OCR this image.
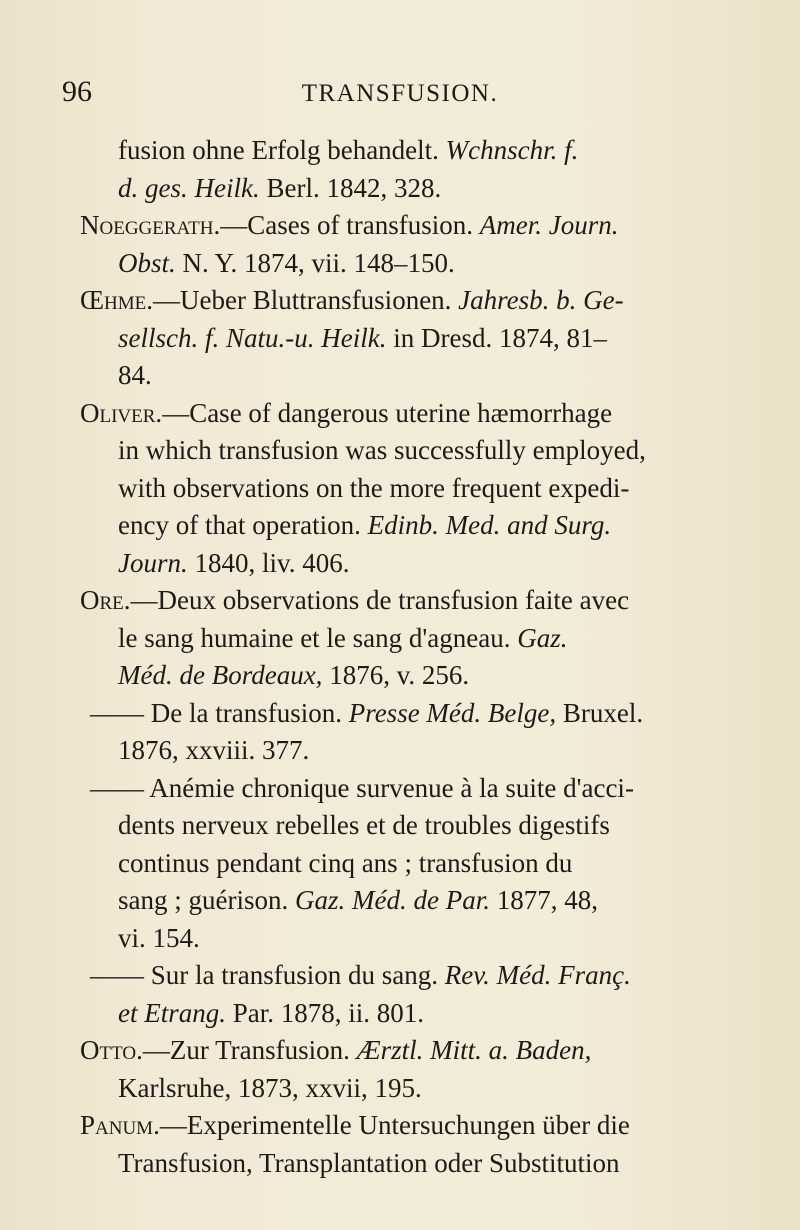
96	TRANSFUSION.
fusion ohne Erfolg behandelt. Wchnschr. f.
d. ges. Heilk. Berl. 1842, 328.
Noeggerath.—Cases of transfusion. Amer. Journ.
Obst. N. Y. 1874, vii. 148–150.
Œhme.—Ueber Bluttransfusionen. Jahresb. b. Ge-
sellsch. f. Natu.-u. Heilk. in Dresd. 1874, 81–
84.
Oliver.—Case of dangerous uterine hæmorrhage
in which transfusion was successfully employed,
with observations on the more frequent expedi-
ency of that operation. Edinb. Med. and Surg.
Journ. 1840, liv. 406.
Ore.—Deux observations de transfusion faite avec
le sang humaine et le sang d'agneau. Gaz.
Méd. de Bordeaux, 1876, v. 256.
—— De la transfusion. Presse Méd. Belge, Bruxel.
1876, xxviii. 377.
—— Anémie chronique survenue à la suite d'acci-
dents nerveux rebelles et de troubles digestifs
continus pendant cinq ans ; transfusion du
sang ; guérison. Gaz. Méd. de Par. 1877, 48,
vi. 154.
—— Sur la transfusion du sang. Rev. Méd. Franç.
et Etrang. Par. 1878, ii. 801.
Otto.—Zur Transfusion. Ærztl. Mitt. a. Baden,
Karlsruhe, 1873, xxvii, 195.
Panum.—Experimentelle Untersuchungen über die
Transfusion, Transplantation oder Substitution
